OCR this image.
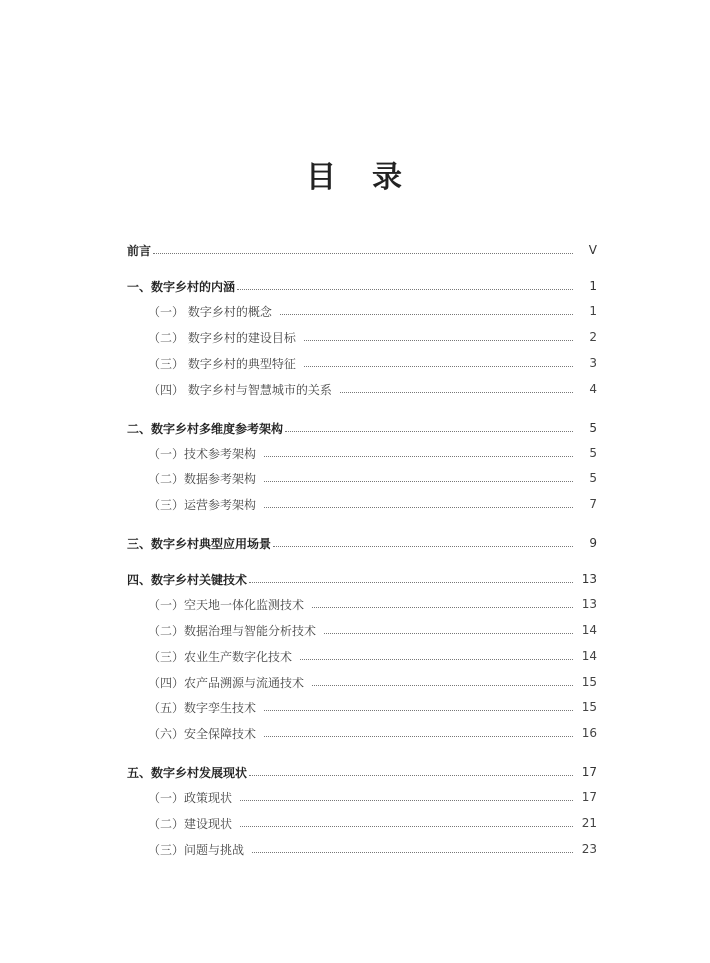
目 录
前言	V
一、数字乡村的内涵	1
（一） 数字乡村的概念	1
（二） 数字乡村的建设目标	2
（三） 数字乡村的典型特征	3
（四） 数字乡村与智慧城市的关系	4
二、数字乡村多维度参考架构	5
（一）技术参考架构	5
（二）数据参考架构	5
（三）运营参考架构	7
三、数字乡村典型应用场景	9
四、数字乡村关键技术	13
（一）空天地一体化监测技术	13
（二）数据治理与智能分析技术	14
（三）农业生产数字化技术	14
（四）农产品溯源与流通技术	15
（五）数字孪生技术	15
（六）安全保障技术	16
五、数字乡村发展现状	17
（一）政策现状	17
（二）建设现状	21
（三）问题与挑战	23
